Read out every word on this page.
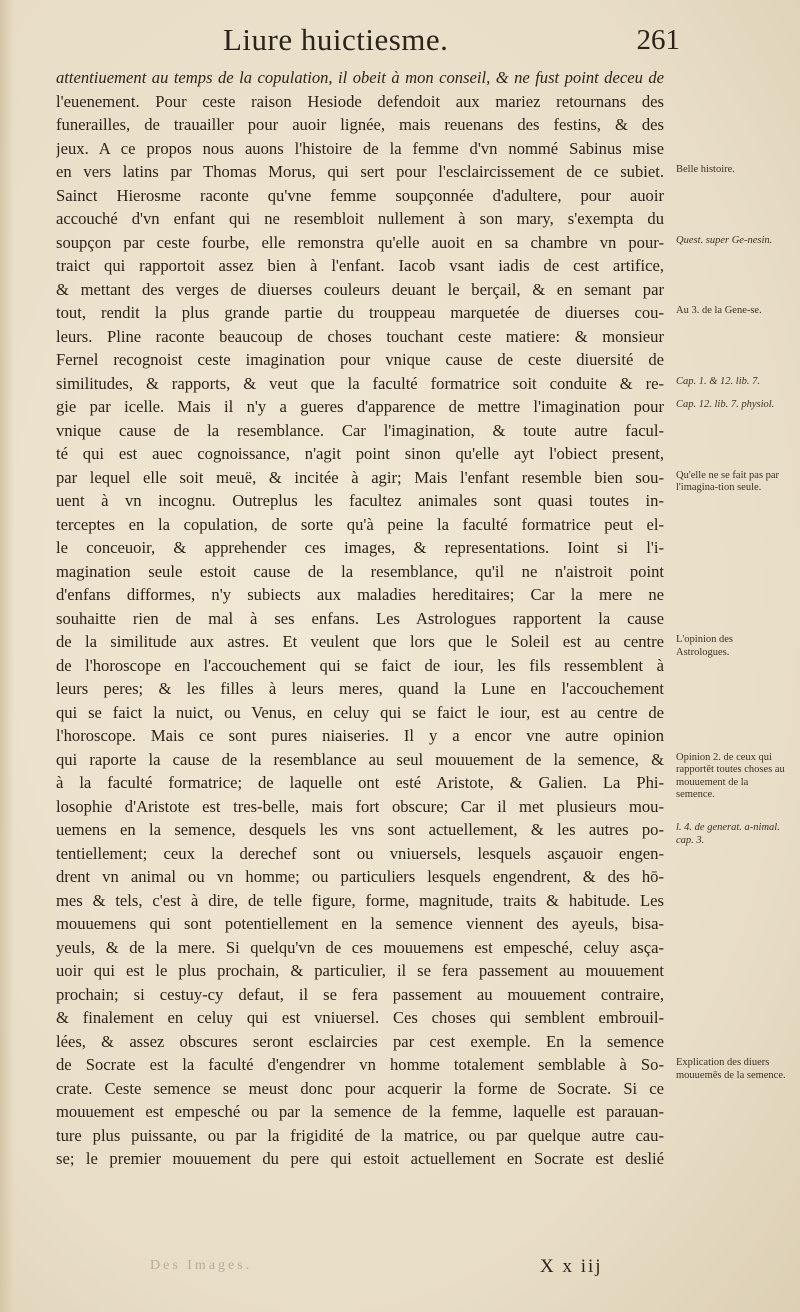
Liure huictiesme.	261
attentiuement au temps de la copulation, il obeit à mon conseil, & ne fust point deceu de
l'euenement. Pour ceste raison Hesiode defendoit aux mariez retournans des
funerailles, de trauailler pour auoir lignée, mais reuenans des festins, & des
jeux. A ce propos nous auons l'histoire de la femme d'vn nommé Sabinus mise
en vers latins par Thomas Morus, qui sert pour l'esclaircissement de ce subiet.
Sainct Hierosme raconte qu'vne femme soupçonnée d'adultere, pour auoir
accouché d'vn enfant qui ne resembloit nullement à son mary, s'exempta du
soupçon par ceste fourbe, elle remonstra qu'elle auoit en sa chambre vn pour-
traict qui rapportoit assez bien à l'enfant. Iacob vsant iadis de cest artifice,
& mettant des verges de diuerses couleurs deuant le berçail, & en semant par
tout, rendit la plus grande partie du trouppeau marquetée de diuerses cou-
leurs. Pline raconte beaucoup de choses touchant ceste matiere: & monsieur
Fernel recognoist ceste imagination pour vnique cause de ceste diuersité de
similitudes, & rapports, & veut que la faculté formatrice soit conduite & re-
gie par icelle. Mais il n'y a gueres d'apparence de mettre l'imagination pour
vnique cause de la resemblance. Car l'imagination, & toute autre facul-
té qui est auec cognoissance, n'agit point sinon qu'elle ayt l'obiect present,
par lequel elle soit meuë, & incitée à agir; Mais l'enfant resemble bien sou-
uent à vn incognu. Outreplus les facultez animales sont quasi toutes in-
terceptes en la copulation, de sorte qu'à peine la faculté formatrice peut el-
le conceuoir, & apprehender ces images, & representations. Ioint si l'i-
magination seule estoit cause de la resemblance, qu'il ne n'aistroit point
d'enfans difformes, n'y subiects aux maladies hereditaires; Car la mere ne
souhaitte rien de mal à ses enfans. Les Astrologues rapportent la cause
de la similitude aux astres. Et veulent que lors que le Soleil est au centre
de l'horoscope en l'accouchement qui se faict de iour, les fils ressemblent à
leurs peres; & les filles à leurs meres, quand la Lune en l'accouchement
qui se faict la nuict, ou Venus, en celuy qui se faict le iour, est au centre de
l'horoscope. Mais ce sont pures niaiseries. Il y a encor vne autre opinion
qui raporte la cause de la resemblance au seul mouuement de la semence, &
à la faculté formatrice; de laquelle ont esté Aristote, & Galien. La Phi-
losophie d'Aristote est tres-belle, mais fort obscure; Car il met plusieurs mou-
uemens en la semence, desquels les vns sont actuellement, & les autres po-
tentiellement; ceux la derechef sont ou vniuersels, lesquels asçauoir engen-
drent vn animal ou vn homme; ou particuliers lesquels engendrent, & des hō-
mes & tels, c'est à dire, de telle figure, forme, magnitude, traits & habitude. Les
mouuemens qui sont potentiellement en la semence viennent des ayeuls, bisa-
yeuls, & de la mere. Si quelqu'vn de ces mouuemens est empesché, celuy asça-
uoir qui est le plus prochain, & particulier, il se fera passement au mouuement
prochain; si cestuy-cy defaut, il se fera passement au mouuement contraire,
& finalement en celuy qui est vniuersel. Ces choses qui semblent embrouil-
lées, & assez obscures seront esclaircies par cest exemple. En la semence
de Socrate est la faculté d'engendrer vn homme totalement semblable à So-
crate. Ceste semence se meust donc pour acquerir la forme de Socrate. Si ce
mouuement est empesché ou par la semence de la femme, laquelle est parauan-
ture plus puissante, ou par la frigidité de la matrice, ou par quelque autre cau-
se; le premier mouuement du pere qui estoit actuellement en Socrate est deslié
Belle histoire.
Quest. super Ge-nesin.
Au 3. de la Gene-se.
Cap. 1. & 12. lib. 7.
Cap. 12. lib. 7. physiol.
Qu'elle ne se fait pas par l'imagina-tion seule.
L'opinion des Astrologues.
Opinion 2. de ceux qui rapportēt toutes choses au mouuement de la semence.
l. 4. de generat. a-nimal. cap. 3.
Explication des diuers mouuemēs de la semence.
Des Images.	X x iij
